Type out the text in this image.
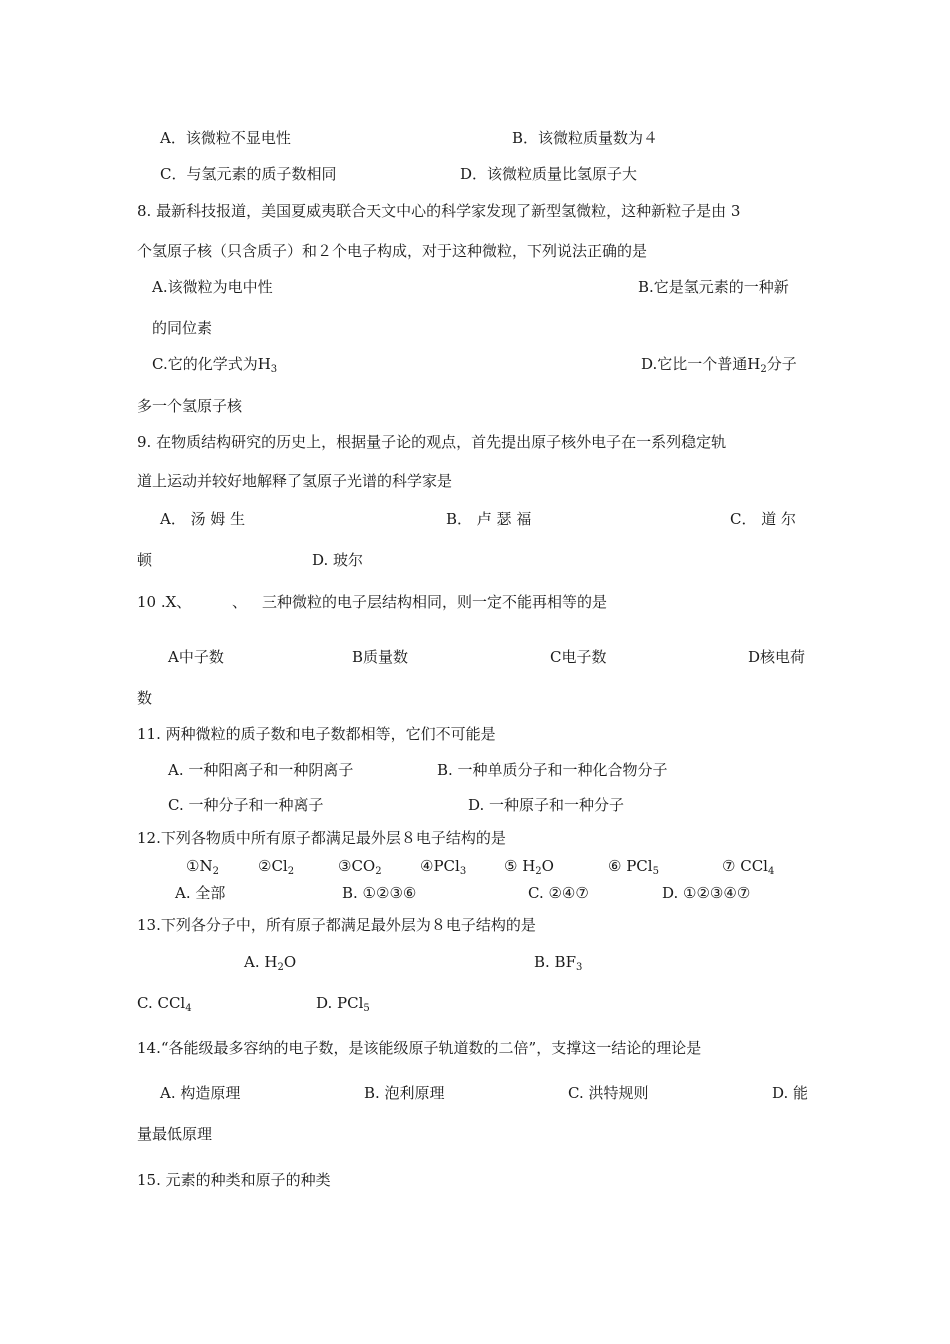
A．该微粒不显电性	B．该微粒质量数为４
C．与氢元素的质子数相同	D．该微粒质量比氢原子大
8. 最新科技报道，美国夏威夷联合天文中心的科学家发现了新型氢微粒，这种新粒子是由 3
个氢原子核（只含质子）和２个电子构成，对于这种微粒，下列说法正确的是
A.该微粒为电中性	B.它是氢元素的一种新
的同位素
C.它的化学式为$H_3$	D.它比一个普通$H_2$分子
多一个氢原子核
9. 在物质结构研究的历史上，根据量子论的观点，首先提出原子核外电子在一系列稳定轨
道上运动并较好地解释了氢原子光谱的科学家是
A． 汤 姆 生	B． 卢 瑟 福	C． 道 尔
顿	D. 玻尔
10 .X、	、 三种微粒的电子层结构相同，则一定不能再相等的是
A中子数	B质量数	C电子数	D核电荷
数
11. 两种微粒的质子数和电子数都相等，它们不可能是
A. 一种阳离子和一种阴离子	B. 一种单质分子和一种化合物分子
C. 一种分子和一种离子	D. 一种原子和一种分子
12.下列各物质中所有原子都满足最外层８电子结构的是
$①N_2$	$②Cl_2$	$③CO_2$	④PCl$_3$	⑤ $H_2O$	⑥ PCl$_5$	⑦ CCl$_4$
A. 全部	B. ①②③⑥	C. ②④⑦	D. ①②③④⑦
13.下列各分子中，所有原子都满足最外层为８电子结构的是
A. $H_2O$	B. $BF_3$
C. CCl$_4$	D. PCl$_5$
14.“各能级最多容纳的电子数，是该能级原子轨道数的二倍”，支撑这一结论的理论是
A. 构造原理	B. 泡利原理	C. 洪特规则	D. 能
量最低原理
15. 元素的种类和原子的种类
